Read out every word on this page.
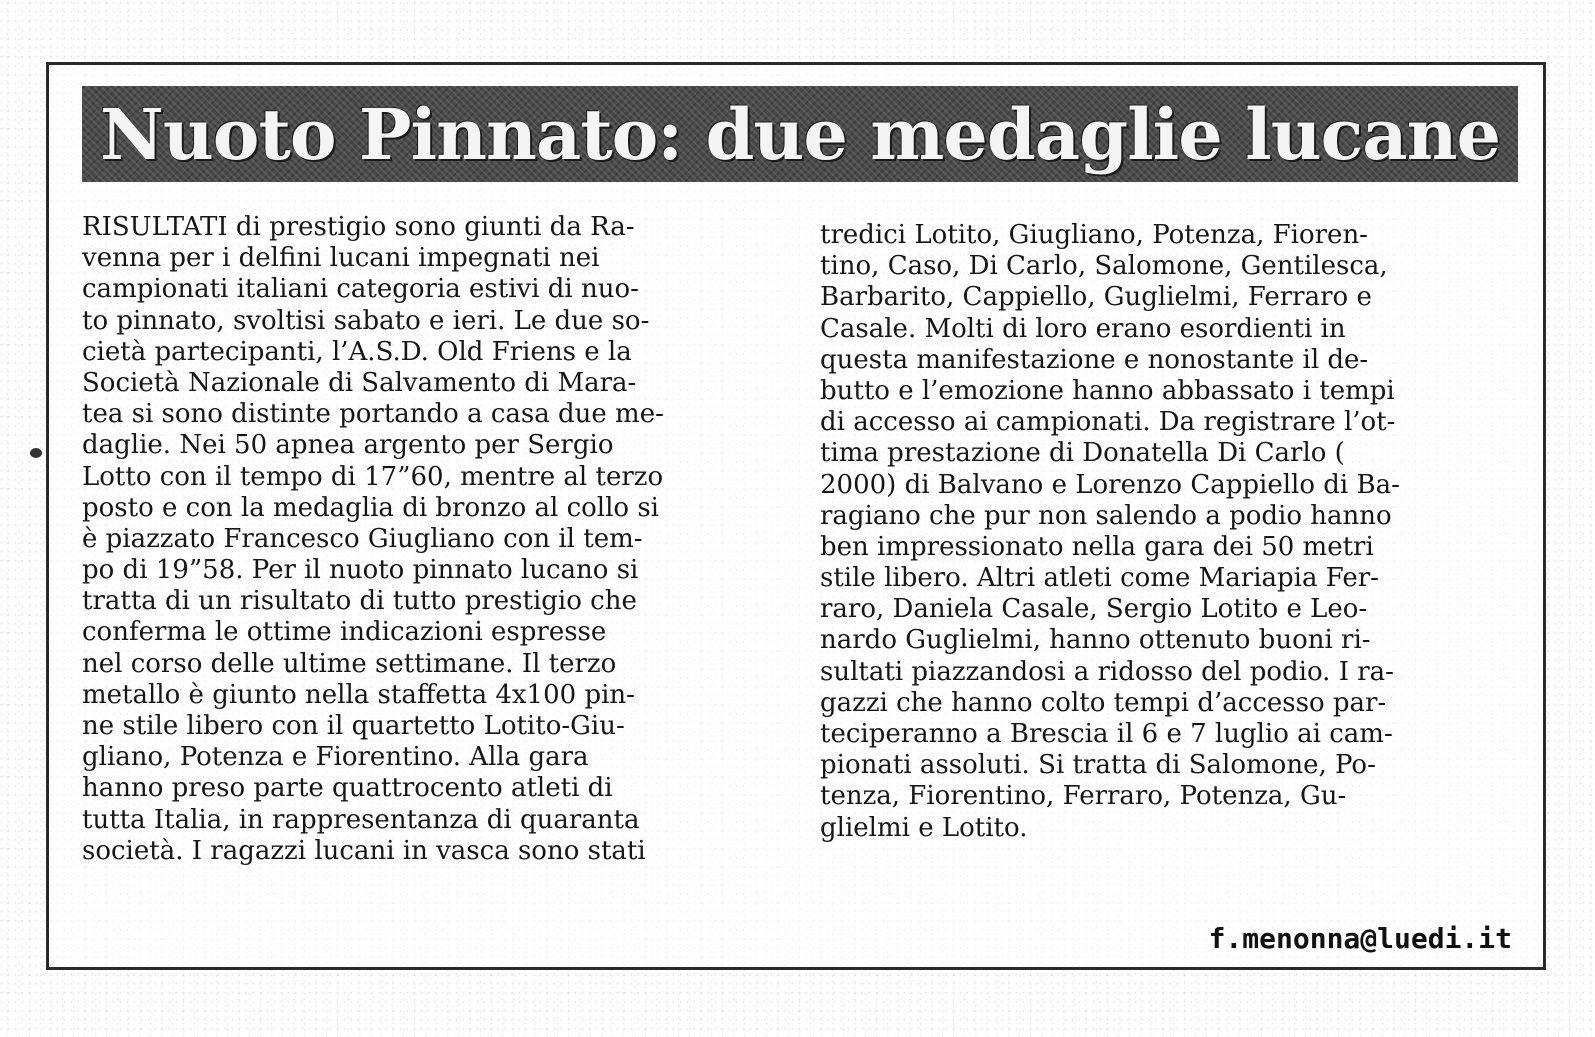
Nuoto Pinnato: due medaglie lucane
RISULTATI di prestigio sono giunti da Ra-
venna per i delfini lucani impegnati nei
campionati italiani categoria estivi di nuo-
to pinnato, svoltisi sabato e ieri. Le due so-
cietà partecipanti, l’A.S.D. Old Friens e la
Società Nazionale di Salvamento di Mara-
tea si sono distinte portando a casa due me-
daglie. Nei 50 apnea argento per Sergio
Lotto con il tempo di 17”60, mentre al terzo
posto e con la medaglia di bronzo al collo si
è piazzato Francesco Giugliano con il tem-
po di 19”58. Per il nuoto pinnato lucano si
tratta di un risultato di tutto prestigio che
conferma le ottime indicazioni espresse
nel corso delle ultime settimane. Il terzo
metallo è giunto nella staffetta 4x100 pin-
ne stile libero con il quartetto Lotito-Giu-
gliano, Potenza e Fiorentino. Alla gara
hanno preso parte quattrocento atleti di
tutta Italia, in rappresentanza di quaranta
società. I ragazzi lucani in vasca sono stati
tredici Lotito, Giugliano, Potenza, Fioren-
tino, Caso, Di Carlo, Salomone, Gentilesca,
Barbarito, Cappiello, Guglielmi, Ferraro e
Casale. Molti di loro erano esordienti in
questa manifestazione e nonostante il de-
butto e l’emozione hanno abbassato i tempi
di accesso ai campionati. Da registrare l’ot-
tima prestazione di Donatella Di Carlo (
2000) di Balvano e Lorenzo Cappiello di Ba-
ragiano che pur non salendo a podio hanno
ben impressionato nella gara dei 50 metri
stile libero. Altri atleti come Mariapia Fer-
raro, Daniela Casale, Sergio Lotito e Leo-
nardo Guglielmi, hanno ottenuto buoni ri-
sultati piazzandosi a ridosso del podio. I ra-
gazzi che hanno colto tempi d’accesso par-
teciperanno a Brescia il 6 e 7 luglio ai cam-
pionati assoluti. Si tratta di Salomone, Po-
tenza, Fiorentino, Ferraro, Potenza, Gu-
glielmi e Lotito.
f.menonna@luedi.it
